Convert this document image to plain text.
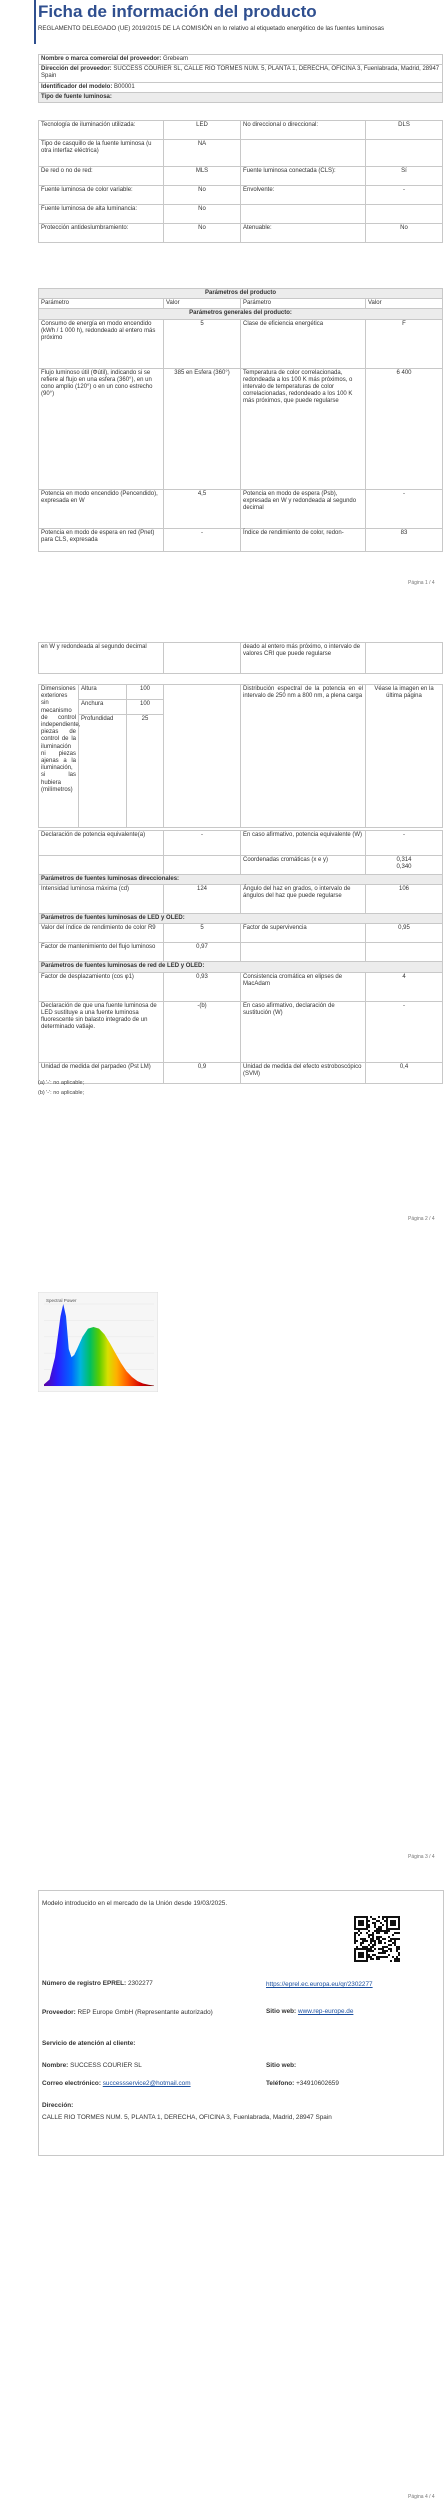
Ficha de información del producto
REGLAMENTO DELEGADO (UE) 2019/2015 DE LA COMISIÓN en lo relativo al etiquetado energético de las fuentes luminosas
Nombre o marca comercial del proveedor: Grebeam
Dirección del proveedor: SUCCESS COURIER SL, CALLE RIO TORMES NUM. 5, PLANTA 1, DERECHA, OFICINA 3, Fuenlabrada, Madrid, 28947 Spain
Identificador del modelo: B00001
Tipo de fuente luminosa:
Tecnología de iluminación utilizada:	LED	No direccional o direccional:	DLS
Tipo de casquillo de la fuente luminosa (u otra interfaz eléctrica)	NA		
De red o no de red:	MLS	Fuente luminosa conectada (CLS):	Sí
Fuente luminosa de color variable:	No	Envolvente:	-
Fuente luminosa de alta luminancia:	No		
Protección antideslumbramiento:	No	Atenuable:	No
Parámetros del producto			
Parámetro	Valor	Parámetro	Valor
Parámetros generales del producto:			
Consumo de energía en modo encendido (kWh / 1 000 h), redondeado al entero más próximo	5	Clase de eficiencia energética	F
Flujo luminoso útil (Φútil), indicando si se refiere al flujo en una esfera (360°), en un cono amplio (120°) o en un cono estrecho (90°)	385 en Esfera (360°)	Temperatura de color correlacionada, redondeada a los 100 K más próximos, o intervalo de temperaturas de color correlacionadas, redondeado a los 100 K más próximos, que puede regularse	6 400
Potencia en modo encendido (Pencendido), expresada en W	4,5	Potencia en modo de espera (Psb), expresada en W y redondeada al segundo decimal	-
Potencia en modo de espera en red (Pnet) para CLS, expresada	-	Índice de rendimiento de color, redon-	83
Página 1 / 4
en W y redondeada al segundo decimal		deado al entero más próximo, o intervalo de valores CRI que puede regularse	
Dimensiones exteriores sin mecanismo de control independiente, piezas de control de la iluminación ni piezas ajenas a la iluminación, si las hubiera (milímetros)	Altura	100		Distribución espectral de la potencia en el intervalo de 250 nm a 800 nm, a plena carga	Véase la imagen en la última página
	Anchura	100			
	Profundidad	25			
Declaración de potencia equivalente(a)	-	En caso afirmativo, potencia equivalente (W)	-
		Coordenadas cromáticas (x e y)	0,314
0,340
Parámetros de fuentes luminosas direccionales:			
Intensidad luminosa máxima (cd)	124	Ángulo del haz en grados, o intervalo de ángulos del haz que puede regularse	106
Parámetros de fuentes luminosas de LED y OLED:			
Valor del índice de rendimiento de color R9	5	Factor de supervivencia	0,95
Factor de mantenimiento del flujo luminoso	0,97		
Parámetros de fuentes luminosas de red de LED y OLED:			
Factor de desplazamiento (cos φ1)	0,93	Consistencia cromática en elipses de MacAdam	4
Declaración de que una fuente luminosa de LED sustituye a una fuente luminosa fluorescente sin balasto integrado de un determinado vatiaje.	-(b)	En caso afirmativo, declaración de sustitución (W)	-
Unidad de medida del parpadeo (Pst LM)	0,9	Unidad de medida del efecto estroboscópico (SVM)	0,4
(a) '-': no aplicable;
(b) '-': no aplicable;
Página 2 / 4
Spectral Power
Página 3 / 4
Modelo introducido en el mercado de la Unión desde 19/03/2025.
Número de registro EPREL: 2302277	https://eprel.ec.europa.eu/qr/2302277
Proveedor: REP Europe GmbH (Representante autorizado)	Sitio web: www.rep-europe.de
Servicio de atención al cliente:
Nombre: SUCCESS COURIER SL	Sitio web:
Correo electrónico: successservice2@hotmail.com	Teléfono: +34910602659
Dirección:
CALLE RIO TORMES NUM. 5, PLANTA 1, DERECHA, OFICINA 3, Fuenlabrada, Madrid, 28947 Spain
Página 4 / 4
